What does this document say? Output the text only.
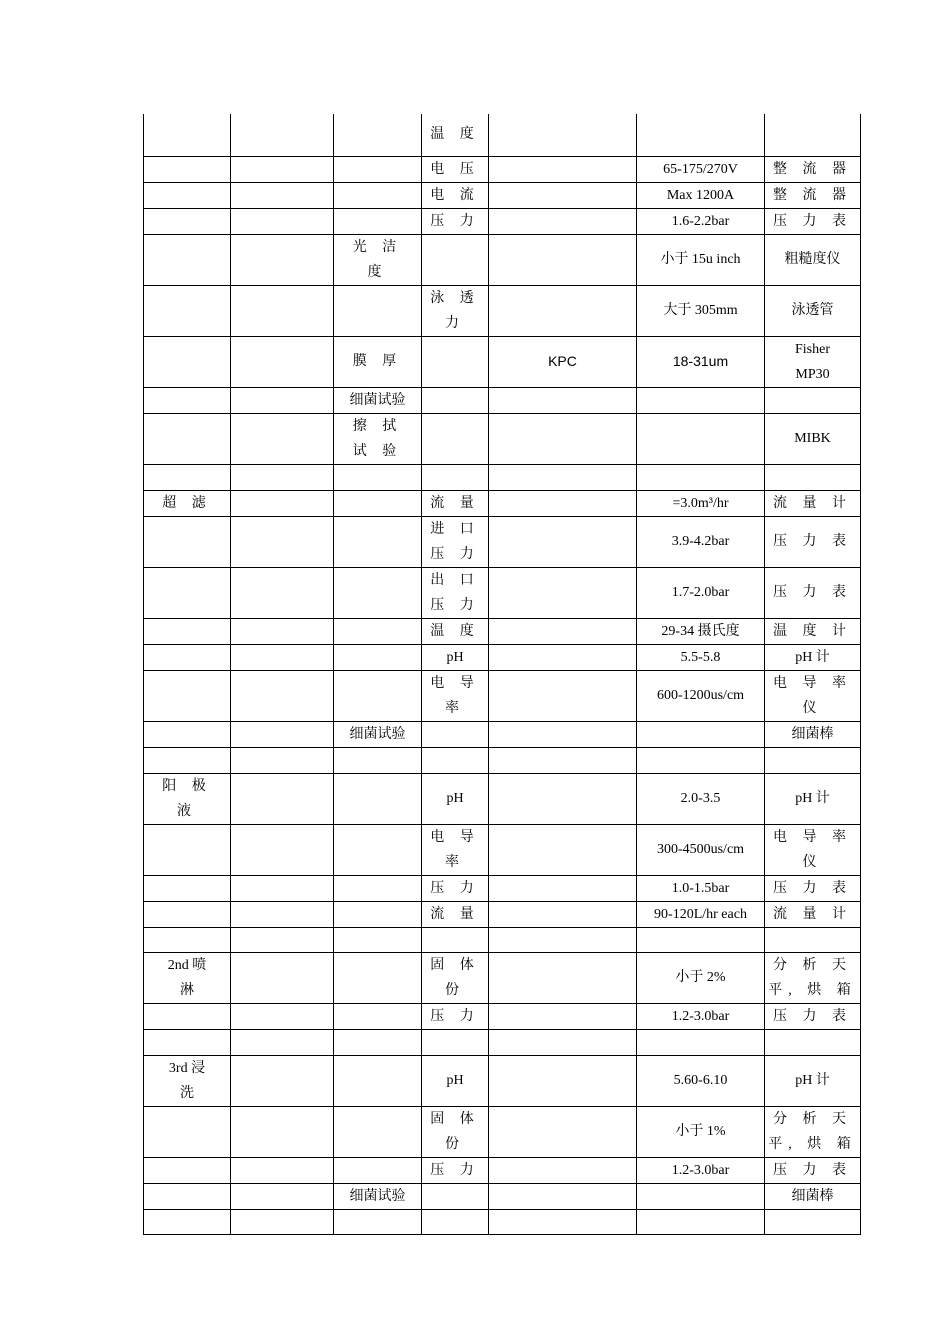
			温 度			
			电 压		65-175/270V	整 流 器
			电 流		Max 1200A	整 流 器
			压 力		1.6-2.2bar	压 力 表
		光 洁
度			小于 15u inch	粗糙度仪
			泳 透
力		大于 305mm	泳透管
		膜 厚		KPC	18-31um	Fisher
MP30
		细菌试验				
		擦 拭
试 验				MIBK

超 滤			流 量		=3.0m³/hr	流 量 计
			进 口
压 力		3.9-4.2bar	压 力 表
			出 口
压 力		1.7-2.0bar	压 力 表
			温 度		29-34 摄氏度	温 度 计
			pH		5.5-5.8	pH 计
			电 导
率		600-1200us/cm	电 导 率
仪
		细菌试验				细菌棒

阳 极
液			pH		2.0-3.5	pH 计
			电 导
率		300-4500us/cm	电 导 率
仪
			压 力		1.0-1.5bar	压 力 表
			流 量		90-120L/hr each	流 量 计

2nd 喷
淋			固 体
份		小于 2%	分 析 天
平, 烘 箱
			压 力		1.2-3.0bar	压 力 表

3rd 浸
洗			pH		5.60-6.10	pH 计
			固 体
份		小于 1%	分 析 天
平, 烘 箱
			压 力		1.2-3.0bar	压 力 表
		细菌试验				细菌棒
